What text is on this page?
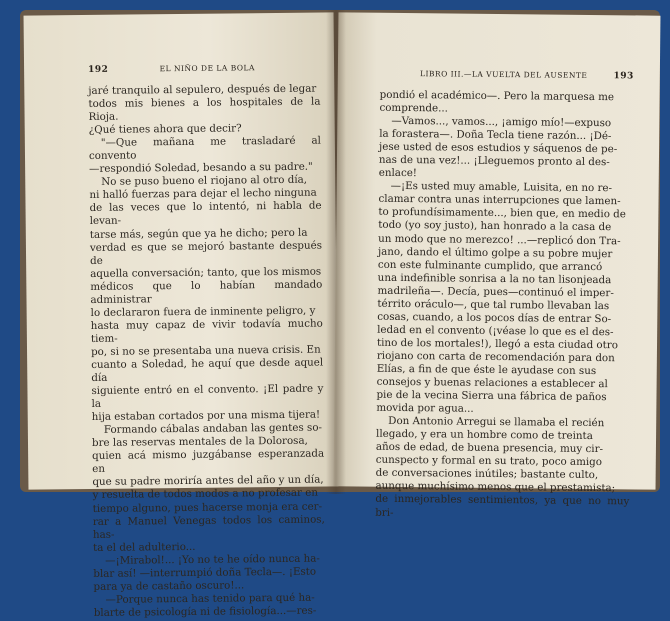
192	EL NIÑO DE LA BOLA

jaré tranquilo al sepulero, después de legar
todos mis bienes a los hospitales de la Rioja.
¿Qué tienes ahora que decir?

"—Que mañana me trasladaré al convento
—respondió Soledad, besando a su padre."

No se puso bueno el riojano al otro día,
ni halló fuerzas para dejar el lecho ninguna
de las veces que lo intentó, ni habla de levan-
tarse más, según que ya he dicho; pero la
verdad es que se mejoró bastante después de
aquella conversación; tanto, que los mismos
médicos que lo habían mandado administrar
lo declararon fuera de inminente peligro, y
hasta muy capaz de vivir todavía mucho tiem-
po, si no se presentaba una nueva crisis. En
cuanto a Soledad, he aquí que desde aquel día
siguiente entró en el convento. ¡El padre y la
hija estaban cortados por una misma tijera!

Formando cábalas andaban las gentes so-
bre las reservas mentales de la Dolorosa,
quien acá mismo juzgábanse esperanzada en
que su padre moriría antes del año y un día,
y resuelta de todos modos a no profesar en
tiempo alguno, pues hacerse monja era cer-
rar a Manuel Venegas todos los caminos, has-
ta el del adulterio...

—¡Mirabol!... ¡Yo no te he oído nunca ha-
blar así! —interrumpió doña Tecla—. ¡Esto
para ya de castaño oscuro!...

—Porque nunca has tenido para qué ha-
blarte de psicología ni de fisiología...—res-

LIBRO III.—LA VUELTA DEL AUSENTE	193

pondió el académico—. Pero la marquesa me
comprende...

—Vamos..., vamos..., ¡amigo mío!—expuso
la forastera—. Doña Tecla tiene razón... ¡Dé-
jese usted de esos estudios y sáquenos de pe-
nas de una vez!... ¡Lleguemos pronto al des-
enlace!

—¡Es usted muy amable, Luisita, en no re-
clamar contra unas interrupciones que lamen-
to profundísimamente..., bien que, en medio de
todo (yo soy justo), han honrado a la casa de
un modo que no merezco! ...—replicó don Tra-
jano, dando el último golpe a su pobre mujer
con este fulminante cumplido, que arrancó
una indefinible sonrisa a la no tan lisonjeada
madrileña—. Decía, pues—continuó el imper-
térrito oráculo—, que tal rumbo llevaban las
cosas, cuando, a los pocos días de entrar So-
ledad en el convento (¡véase lo que es el des-
tino de los mortales!), llegó a esta ciudad otro
riojano con carta de recomendación para don
Elías, a fin de que éste le ayudase con sus
consejos y buenas relaciones a establecer al
pie de la vecina Sierra una fábrica de paños
movida por agua...

Don Antonio Arregui se llamaba el recién
llegado, y era un hombre como de treinta
años de edad, de buena presencia, muy cir-
cunspecto y formal en su trato, poco amigo
de conversaciones inútiles; bastante culto,
aunque muchísimo menos que el prestamista;
de inmejorables sentimientos, ya que no muy bri-
